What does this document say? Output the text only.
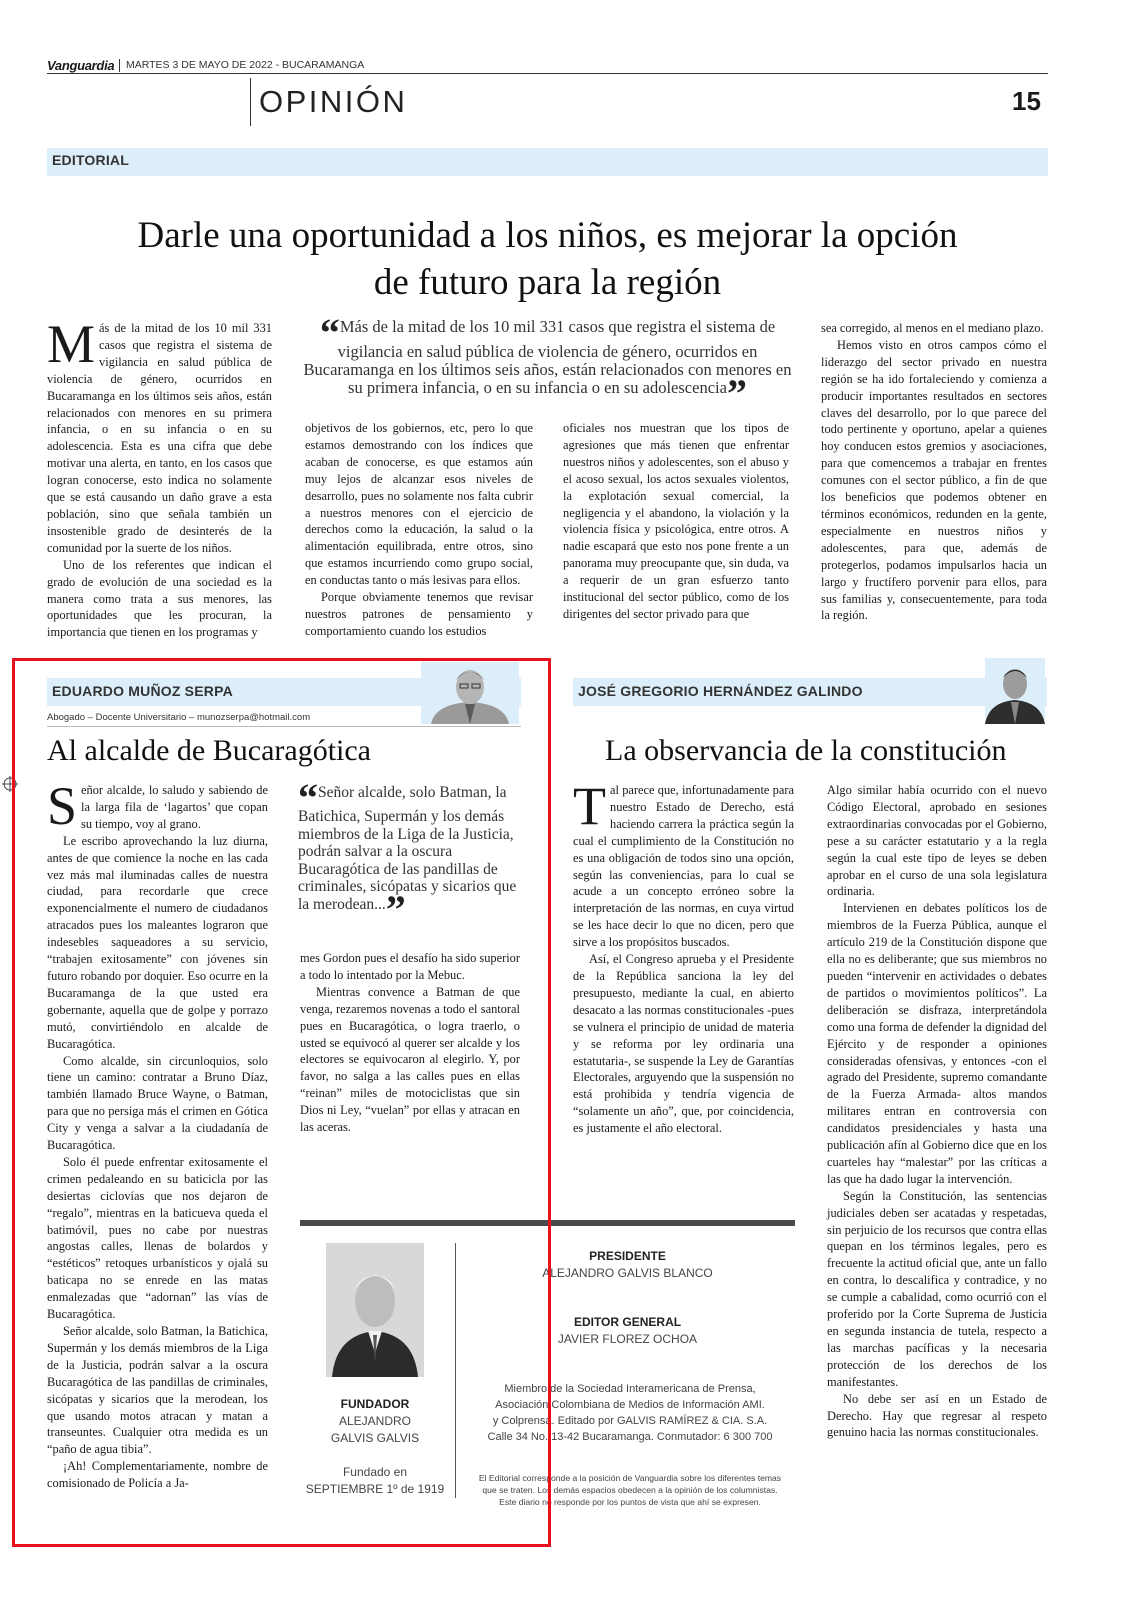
Vanguardia MARTES 3 DE MAYO DE 2022 - BUCARAMANGA
OPINIÓN	15
EDITORIAL
Darle una oportunidad a los niños, es mejorar la opción
de futuro para la región

Más de la mitad de los 10 mil 331 casos que registra el sistema de vigilancia en salud pública de violencia de género, ocurridos en Bucaramanga en los últimos seis años, están relacionados con menores en su primera infancia, o en su infancia o en su adolescencia. Esta es una cifra que debe motivar una alerta, en tanto, en los casos que logran conocerse, esto indica no solamente que se está causando un daño grave a esta población, sino que señala también un insostenible grado de desinterés de la comunidad por la suerte de los niños.

Uno de los referentes que indican el grado de evolución de una sociedad es la manera como trata a sus menores, las oportunidades que les procuran, la importancia que tienen en los programas y

“Más de la mitad de los 10 mil 331 casos que registra el sistema de vigilancia en salud pública de violencia de género, ocurridos en Bucaramanga en los últimos seis años, están relacionados con menores en su primera infancia, o en su infancia o en su adolescencia”

objetivos de los gobiernos, etc, pero lo que estamos demostrando con los índices que acaban de conocerse, es que estamos aún muy lejos de alcanzar esos niveles de desarrollo, pues no solamente nos falta cubrir a nuestros menores con el ejercicio de derechos como la educación, la salud o la alimentación equilibrada, entre otros, sino que estamos incurriendo como grupo social, en conductas tanto o más lesivas para ellos.

Porque obviamente tenemos que revisar nuestros patrones de pensamiento y comportamiento cuando los estudios

oficiales nos muestran que los tipos de agresiones que más tienen que enfrentar nuestros niños y adolescentes, son el abuso y el acoso sexual, los actos sexuales violentos, la explotación sexual comercial, la negligencia y el abandono, la violación y la violencia física y psicológica, entre otros. A nadie escapará que esto nos pone frente a un panorama muy preocupante que, sin duda, va a requerir de un gran esfuerzo tanto institucional del sector público, como de los dirigentes del sector privado para que

sea corregido, al menos en el mediano plazo.

Hemos visto en otros campos cómo el liderazgo del sector privado en nuestra región se ha ido fortaleciendo y comienza a producir importantes resultados en sectores claves del desarrollo, por lo que parece del todo pertinente y oportuno, apelar a quienes hoy conducen estos gremios y asociaciones, para que comencemos a trabajar en frentes comunes con el sector público, a fin de que los beneficios que podemos obtener en términos económicos, redunden en la gente, especialmente en nuestros niños y adolescentes, para que, además de protegerlos, podamos impulsarlos hacia un largo y fructífero porvenir para ellos, para sus familias y, consecuentemente, para toda la región.

EDUARDO MUÑOZ SERPA
Abogado – Docente Universitario – munozserpa@hotmail.com
Al alcalde de Bucaragótica

Señor alcalde, lo saludo y sabiendo de la larga fila de ‘lagartos’ que copan su tiempo, voy al grano.

Le escribo aprovechando la luz diurna, antes de que comience la noche en las cada vez más mal iluminadas calles de nuestra ciudad, para recordarle que crece exponencialmente el numero de ciudadanos atracados pues los maleantes lograron que indesebles saqueadores a su servicio, “trabajen exitosamente” con jóvenes sin futuro robando por doquier. Eso ocurre en la Bucaramanga de la que usted era gobernante, aquella que de golpe y porrazo mutó, convirtiéndolo en alcalde de Bucaragótica.

Como alcalde, sin circunloquios, solo tiene un camino: contratar a Bruno Díaz, también llamado Bruce Wayne, o Batman, para que no persiga más el crimen en Gótica City y venga a salvar a la ciudadanía de Bucaragótica.

Solo él puede enfrentar exitosamente el crimen pedaleando en su baticicla por las desiertas ciclovías que nos dejaron de “regalo”, mientras en la baticueva queda el batimóvil, pues no cabe por nuestras angostas calles, llenas de bolardos y “estéticos” retoques urbanísticos y ojalá su baticapa no se enrede en las matas enmalezadas que “adornan” las vías de Bucaragótica.

Señor alcalde, solo Batman, la Batichica, Supermán y los demás miembros de la Liga de la Justicia, podrán salvar a la oscura Bucaragótica de las pandillas de criminales, sicópatas y sicarios que la merodean, los que usando motos atracan y matan a transeuntes. Cualquier otra medida es un “paño de agua tibia”.

¡Ah! Complementariamente, nombre de comisionado de Policía a Ja-

“Señor alcalde, solo Batman, la Batichica, Supermán y los demás miembros de la Liga de la Justicia, podrán salvar a la oscura Bucaragótica de las pandillas de criminales, sicópatas y sicarios que la merodean...”

mes Gordon pues el desafío ha sido superior a todo lo intentado por la Mebuc.

Mientras convence a Batman de que venga, rezaremos novenas a todo el santoral pues en Bucaragótica, o logra traerlo, o usted se equivocó al querer ser alcalde y los electores se equivocaron al elegirlo. Y, por favor, no salga a las calles pues en ellas “reinan” miles de motociclistas que sin Dios ni Ley, “vuelan” por ellas y atracan en las aceras.

JOSÉ GREGORIO HERNÁNDEZ GALINDO
La observancia de la constitución

Tal parece que, infortunadamente para nuestro Estado de Derecho, está haciendo carrera la práctica según la cual el cumplimiento de la Constitución no es una obligación de todos sino una opción, según las conveniencias, para lo cual se acude a un concepto erróneo sobre la interpretación de las normas, en cuya virtud se les hace decir lo que no dicen, pero que sirve a los propósitos buscados.

Así, el Congreso aprueba y el Presidente de la República sanciona la ley del presupuesto, mediante la cual, en abierto desacato a las normas constitucionales -pues se vulnera el principio de unidad de materia y se reforma por ley ordinaria una estatutaria-, se suspende la Ley de Garantías Electorales, arguyendo que la suspensión no está prohibida y tendría vigencia de “solamente un año”, que, por coincidencia, es justamente el año electoral.

Algo similar había ocurrido con el nuevo Código Electoral, aprobado en sesiones extraordinarias convocadas por el Gobierno, pese a su carácter estatutario y a la regla según la cual este tipo de leyes se deben aprobar en el curso de una sola legislatura ordinaria.

Intervienen en debates políticos los de miembros de la Fuerza Pública, aunque el artículo 219 de la Constitución dispone que ella no es deliberante; que sus miembros no pueden “intervenir en actividades o debates de partidos o movimientos políticos”. La deliberación se disfraza, interpretándola como una forma de defender la dignidad del Ejército y de responder a opiniones consideradas ofensivas, y entonces -con el agrado del Presidente, supremo comandante de la Fuerza Armada- altos mandos militares entran en controversia con candidatos presidenciales y hasta una publicación afín al Gobierno dice que en los cuarteles hay “malestar” por las críticas a las que ha dado lugar la intervención.

Según la Constitución, las sentencias judiciales deben ser acatadas y respetadas, sin perjuicio de los recursos que contra ellas quepan en los términos legales, pero es frecuente la actitud oficial que, ante un fallo en contra, lo descalifica y contradice, y no se cumple a cabalidad, como ocurrió con el proferido por la Corte Suprema de Justicia en segunda instancia de tutela, respecto a las marchas pacíficas y la necesaria protección de los derechos de los manifestantes.

No debe ser así en un Estado de Derecho. Hay que regresar al respeto genuino hacia las normas constitucionales.

FUNDADOR
ALEJANDRO
GALVIS GALVIS
Fundado en
SEPTIEMBRE 1º de 1919
PRESIDENTE
ALEJANDRO GALVIS BLANCO
EDITOR GENERAL
JAVIER FLOREZ OCHOA
Miembro de la Sociedad Interamericana de Prensa,
Asociación Colombiana de Medios de Información AMI.
y Colprensa. Editado por GALVIS RAMÍREZ & CIA. S.A.
Calle 34 No. 13-42 Bucaramanga. Conmutador: 6 300 700
El Editorial corresponde a la posición de Vanguardia sobre los diferentes temas
que se traten. Los demás espacios obedecen a la opinión de los columnistas.
Este diario no responde por los puntos de vista que ahí se expresen.
